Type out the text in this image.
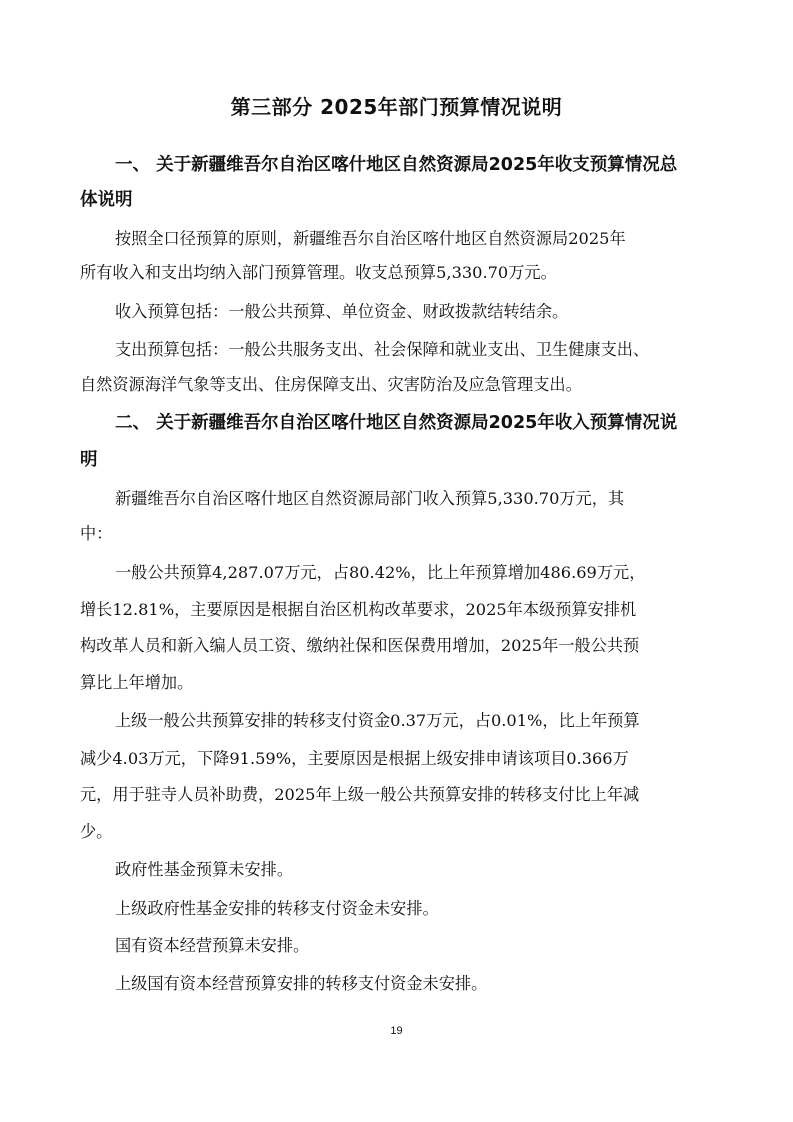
第三部分 2025年部门预算情况说明
一、 关于新疆维吾尔自治区喀什地区自然资源局2025年收支预算情况总
体说明
按照全口径预算的原则，新疆维吾尔自治区喀什地区自然资源局2025年
所有收入和支出均纳入部门预算管理。收支总预算5,330.70万元。
收入预算包括：一般公共预算、单位资金、财政拨款结转结余。
支出预算包括：一般公共服务支出、社会保障和就业支出、卫生健康支出、
自然资源海洋气象等支出、住房保障支出、灾害防治及应急管理支出。
二、 关于新疆维吾尔自治区喀什地区自然资源局2025年收入预算情况说
明
新疆维吾尔自治区喀什地区自然资源局部门收入预算5,330.70万元，其
中：
一般公共预算4,287.07万元，占80.42%，比上年预算增加486.69万元，
增长12.81%，主要原因是根据自治区机构改革要求，2025年本级预算安排机
构改革人员和新入编人员工资、缴纳社保和医保费用增加，2025年一般公共预
算比上年增加。
上级一般公共预算安排的转移支付资金0.37万元，占0.01%，比上年预算
减少4.03万元，下降91.59%，主要原因是根据上级安排申请该项目0.366万
元，用于驻寺人员补助费，2025年上级一般公共预算安排的转移支付比上年减
少。
政府性基金预算未安排。
上级政府性基金安排的转移支付资金未安排。
国有资本经营预算未安排。
上级国有资本经营预算安排的转移支付资金未安排。
19
